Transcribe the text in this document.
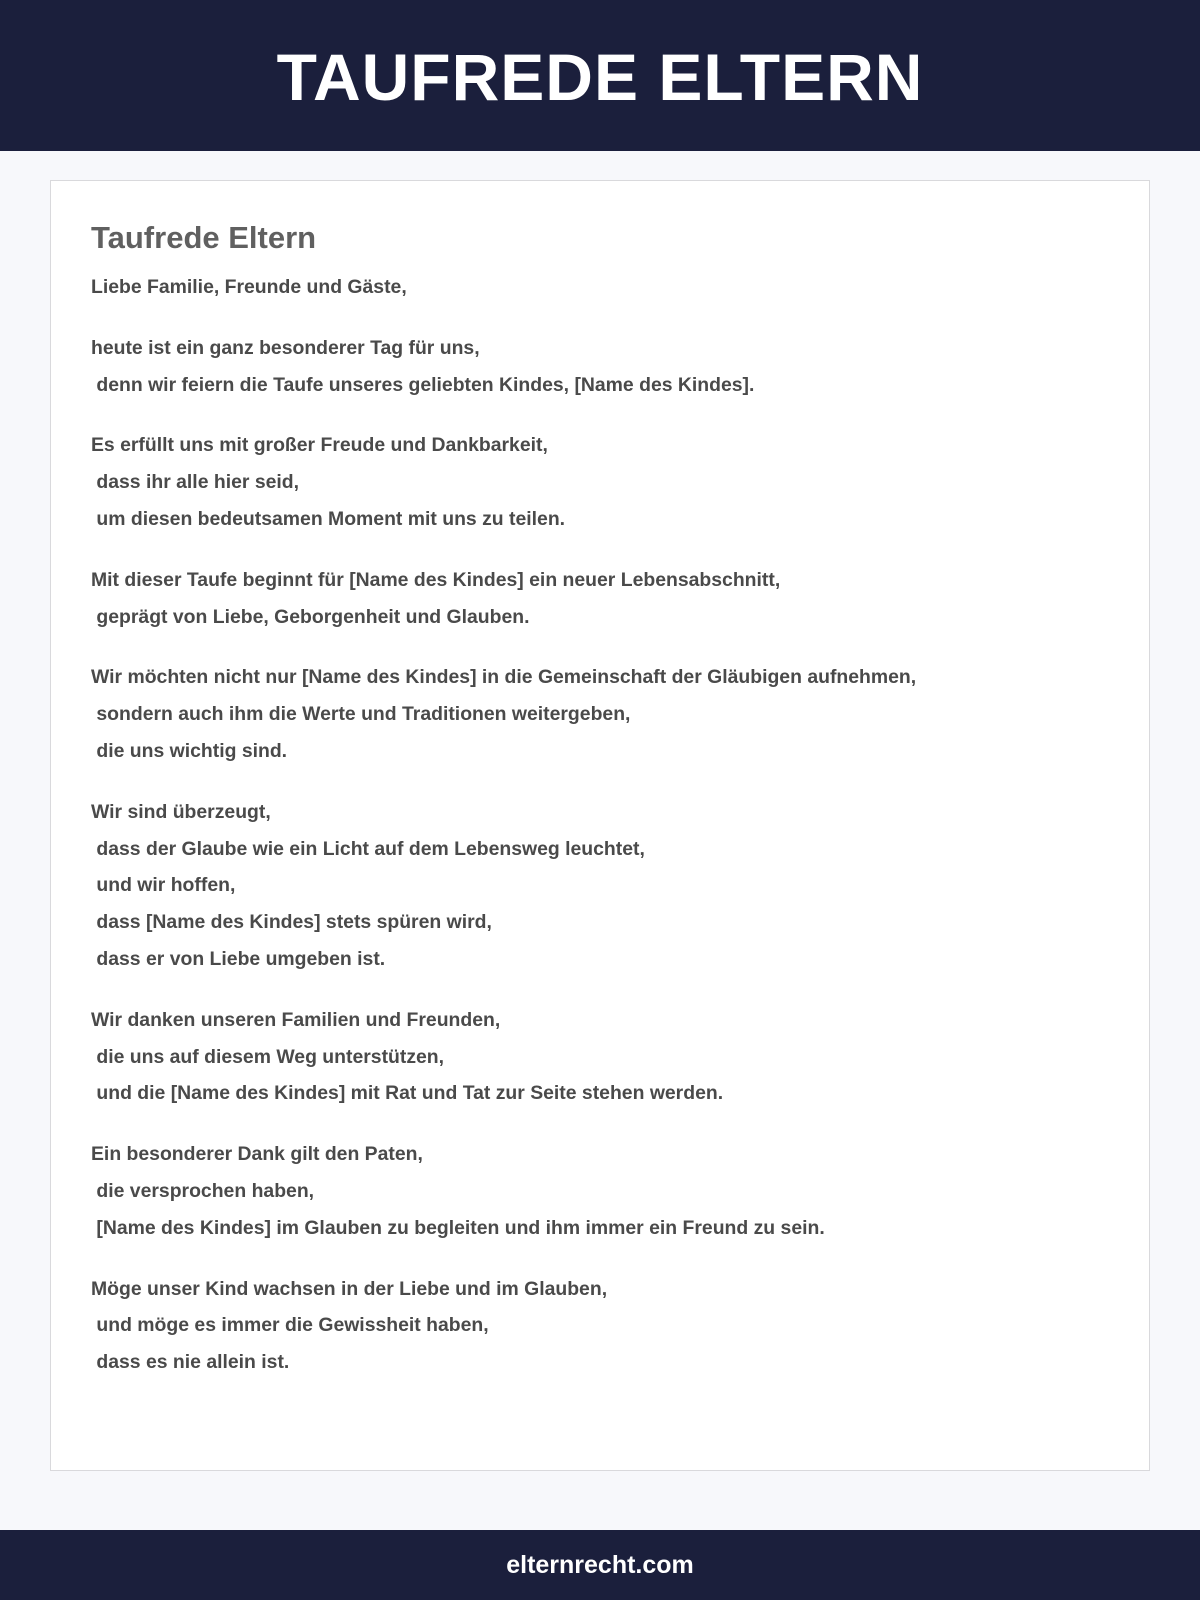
TAUFREDE ELTERN
Taufrede Eltern
Liebe Familie, Freunde und Gäste,
heute ist ein ganz besonderer Tag für uns,
denn wir feiern die Taufe unseres geliebten Kindes, [Name des Kindes].
Es erfüllt uns mit großer Freude und Dankbarkeit,
dass ihr alle hier seid,
um diesen bedeutsamen Moment mit uns zu teilen.
Mit dieser Taufe beginnt für [Name des Kindes] ein neuer Lebensabschnitt,
geprägt von Liebe, Geborgenheit und Glauben.
Wir möchten nicht nur [Name des Kindes] in die Gemeinschaft der Gläubigen aufnehmen,
sondern auch ihm die Werte und Traditionen weitergeben,
die uns wichtig sind.
Wir sind überzeugt,
dass der Glaube wie ein Licht auf dem Lebensweg leuchtet,
und wir hoffen,
dass [Name des Kindes] stets spüren wird,
dass er von Liebe umgeben ist.
Wir danken unseren Familien und Freunden,
die uns auf diesem Weg unterstützen,
und die [Name des Kindes] mit Rat und Tat zur Seite stehen werden.
Ein besonderer Dank gilt den Paten,
die versprochen haben,
[Name des Kindes] im Glauben zu begleiten und ihm immer ein Freund zu sein.
Möge unser Kind wachsen in der Liebe und im Glauben,
und möge es immer die Gewissheit haben,
dass es nie allein ist.
elternrecht.com
